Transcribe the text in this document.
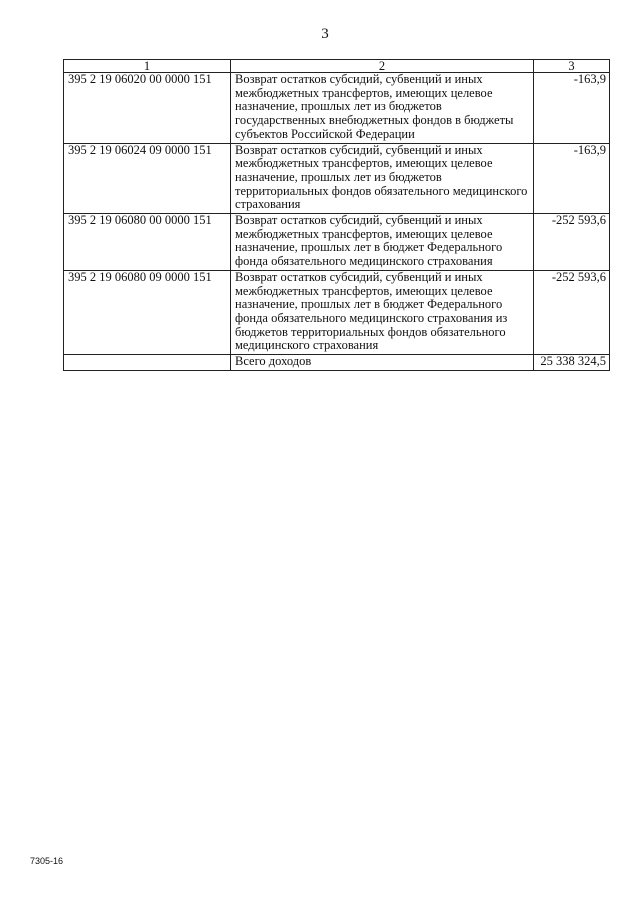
3
1	2	3
395 2 19 06020 00 0000 151	Возврат остатков субсидий, субвенций и иных межбюджетных трансфертов, имеющих целевое назначение, прошлых лет из бюджетов государственных внебюджетных фондов в бюджеты субъектов Российской Федерации	-163,9
395 2 19 06024 09 0000 151	Возврат остатков субсидий, субвенций и иных межбюджетных трансфертов, имеющих целевое назначение, прошлых лет из бюджетов территориальных фондов обязательного медицинского страхования	-163,9
395 2 19 06080 00 0000 151	Возврат остатков субсидий, субвенций и иных межбюджетных трансфертов, имеющих целевое назначение, прошлых лет в бюджет Федерального фонда обязательного медицинского страхования	-252 593,6
395 2 19 06080 09 0000 151	Возврат остатков субсидий, субвенций и иных межбюджетных трансфертов, имеющих целевое назначение, прошлых лет в бюджет Федерального фонда обязательного медицинского страхования из бюджетов территориальных фондов обязательного медицинского страхования	-252 593,6
	Всего доходов	25 338 324,5
7305-16
